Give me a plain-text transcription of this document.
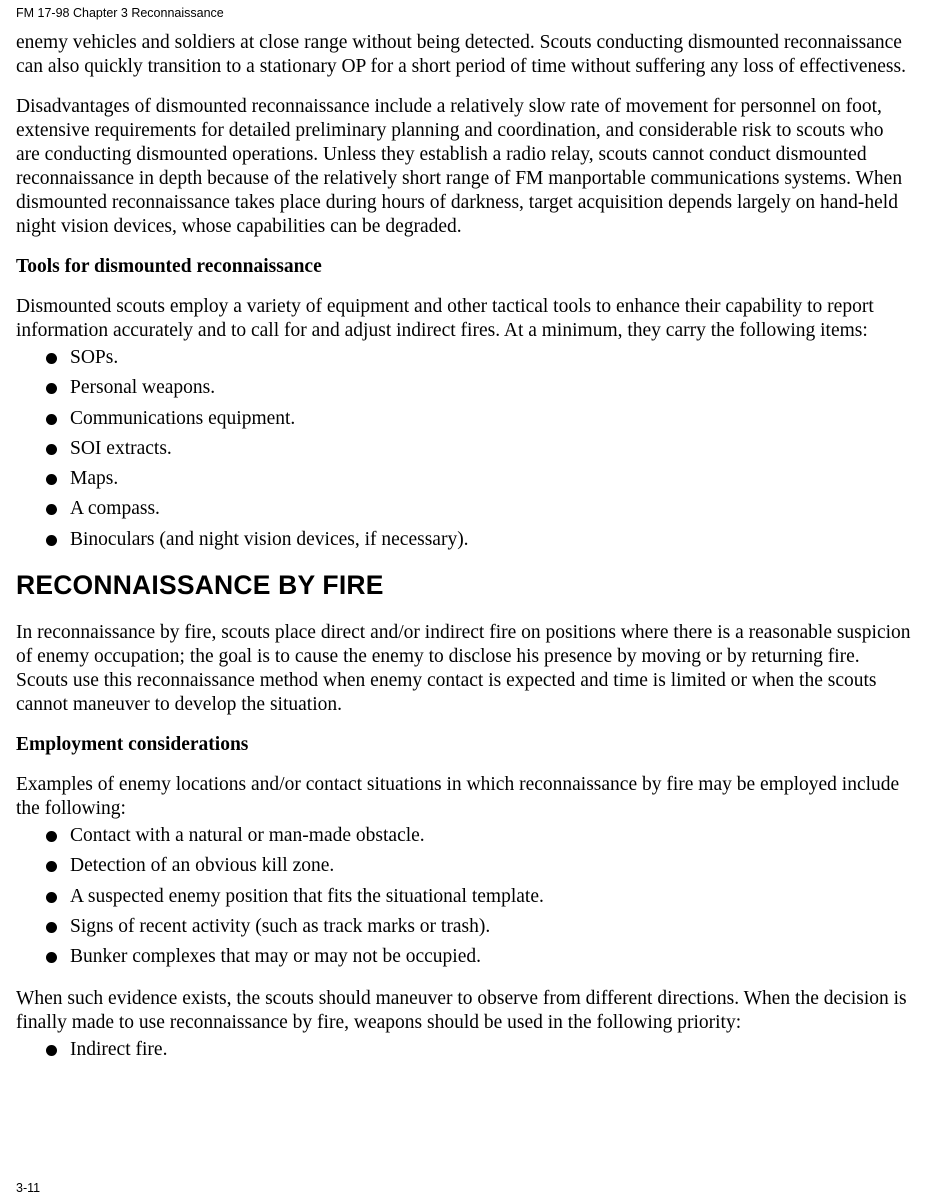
FM 17-98 Chapter 3 Reconnaissance

enemy vehicles and soldiers at close range without being detected. Scouts conducting dismounted reconnaissance can also quickly transition to a stationary OP for a short period of time without suffering any loss of effectiveness.

Disadvantages of dismounted reconnaissance include a relatively slow rate of movement for personnel on foot, extensive requirements for detailed preliminary planning and coordination, and considerable risk to scouts who are conducting dismounted operations. Unless they establish a radio relay, scouts cannot conduct dismounted reconnaissance in depth because of the relatively short range of FM manportable communications systems. When dismounted reconnaissance takes place during hours of darkness, target acquisition depends largely on hand-held night vision devices, whose capabilities can be degraded.

Tools for dismounted reconnaissance

Dismounted scouts employ a variety of equipment and other tactical tools to enhance their capability to report information accurately and to call for and adjust indirect fires. At a minimum, they carry the following items:

SOPs.
Personal weapons.
Communications equipment.
SOI extracts.
Maps.
A compass.
Binoculars (and night vision devices, if necessary).
RECONNAISSANCE BY FIRE

In reconnaissance by fire, scouts place direct and/or indirect fire on positions where there is a reasonable suspicion of enemy occupation; the goal is to cause the enemy to disclose his presence by moving or by returning fire. Scouts use this reconnaissance method when enemy contact is expected and time is limited or when the scouts cannot maneuver to develop the situation.

Employment considerations

Examples of enemy locations and/or contact situations in which reconnaissance by fire may be employed include the following:

Contact with a natural or man-made obstacle.
Detection of an obvious kill zone.
A suspected enemy position that fits the situational template.
Signs of recent activity (such as track marks or trash).
Bunker complexes that may or may not be occupied.

When such evidence exists, the scouts should maneuver to observe from different directions. When the decision is finally made to use reconnaissance by fire, weapons should be used in the following priority:

Indirect fire.
3-11
